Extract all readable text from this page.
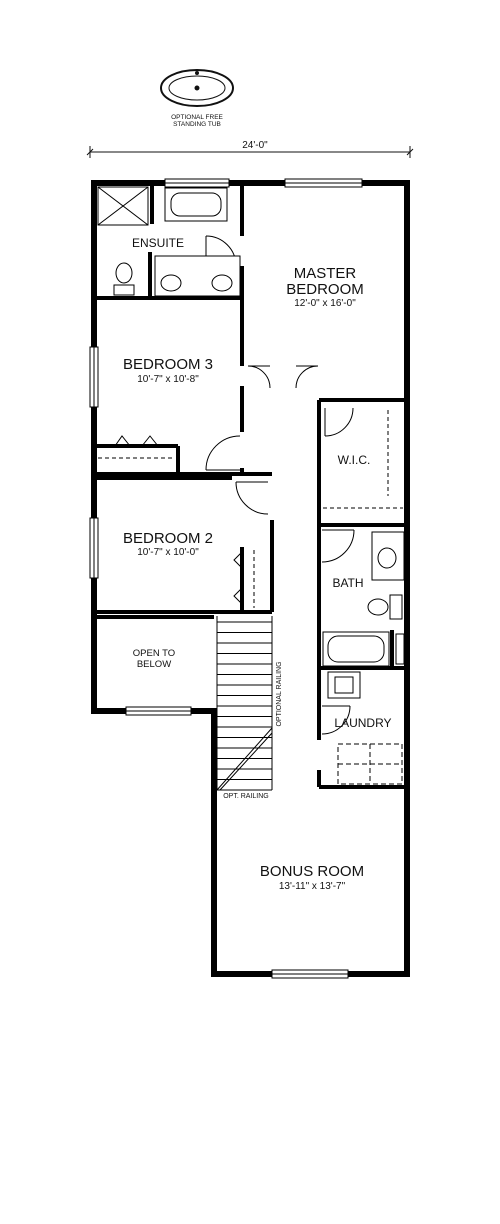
OPTIONAL FREE
STANDING TUB
24'-0"
ENSUITE
MASTER
BEDROOM
12'-0" x 16'-0"
BEDROOM 3
10'-7" x 10'-8"
W.I.C.
BEDROOM 2
10'-7" x 10'-0"
BATH
OPEN TO
BELOW
LAUNDRY
OPTIONAL RAILING
OPT. RAILING
BONUS ROOM
13'-11" x 13'-7"
